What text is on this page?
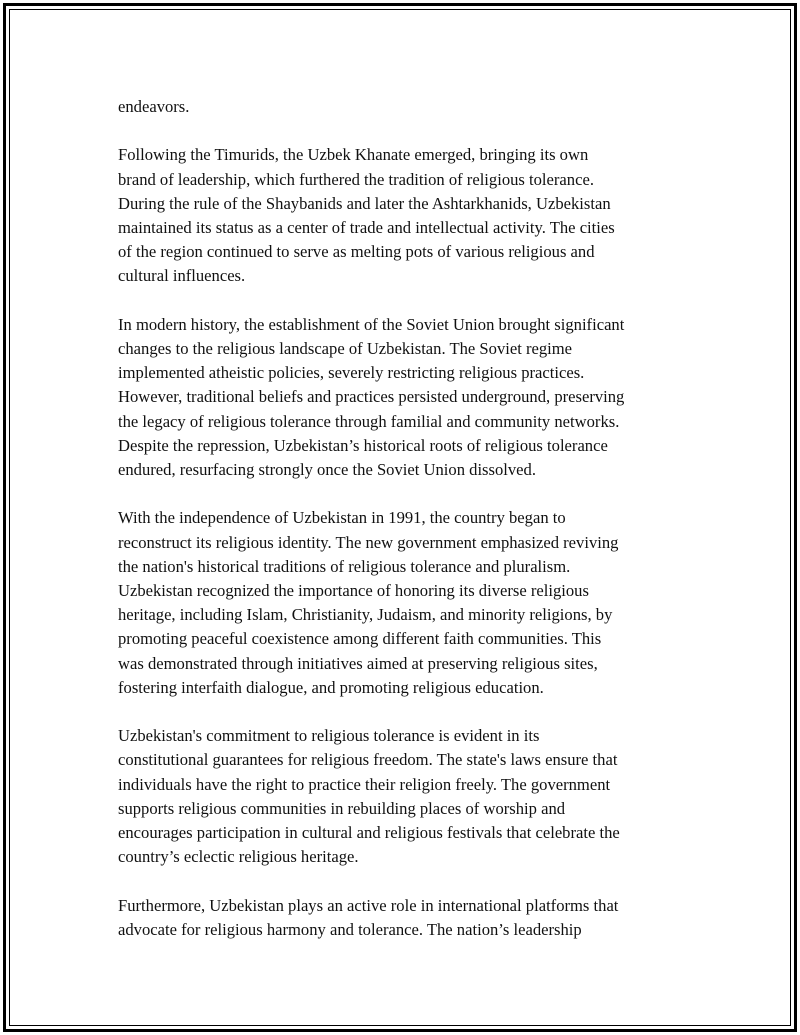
endeavors.

Following the Timurids, the Uzbek Khanate emerged, bringing its own
brand of leadership, which furthered the tradition of religious tolerance.
During the rule of the Shaybanids and later the Ashtarkhanids, Uzbekistan
maintained its status as a center of trade and intellectual activity. The cities
of the region continued to serve as melting pots of various religious and
cultural influences.

In modern history, the establishment of the Soviet Union brought significant
changes to the religious landscape of Uzbekistan. The Soviet regime
implemented atheistic policies, severely restricting religious practices.
However, traditional beliefs and practices persisted underground, preserving
the legacy of religious tolerance through familial and community networks.
Despite the repression, Uzbekistan’s historical roots of religious tolerance
endured, resurfacing strongly once the Soviet Union dissolved.

With the independence of Uzbekistan in 1991, the country began to
reconstruct its religious identity. The new government emphasized reviving
the nation's historical traditions of religious tolerance and pluralism.
Uzbekistan recognized the importance of honoring its diverse religious
heritage, including Islam, Christianity, Judaism, and minority religions, by
promoting peaceful coexistence among different faith communities. This
was demonstrated through initiatives aimed at preserving religious sites,
fostering interfaith dialogue, and promoting religious education.

Uzbekistan's commitment to religious tolerance is evident in its
constitutional guarantees for religious freedom. The state's laws ensure that
individuals have the right to practice their religion freely. The government
supports religious communities in rebuilding places of worship and
encourages participation in cultural and religious festivals that celebrate the
country’s eclectic religious heritage.

Furthermore, Uzbekistan plays an active role in international platforms that
advocate for religious harmony and tolerance. The nation’s leadership
